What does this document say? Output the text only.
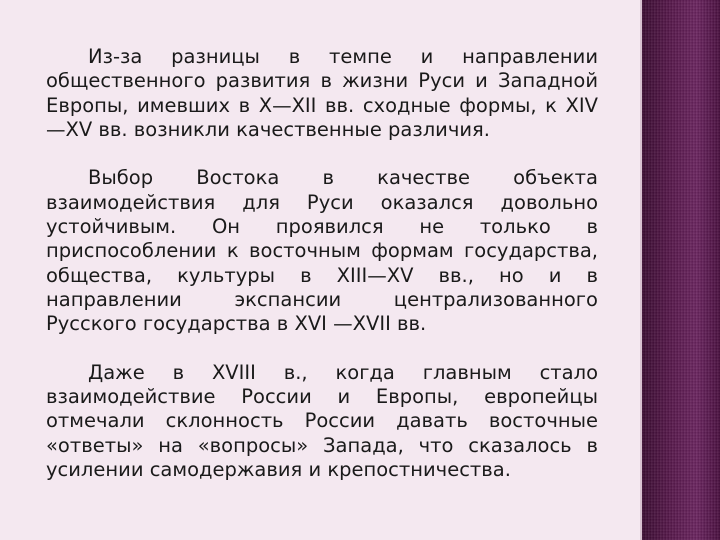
Из-за разницы в темпе и направлении общественного развития в жизни Руси и Западной Европы, имевших в X—XII вв. сходные формы, к XIV—XV вв. возникли качественные различия.

Выбор Востока в качестве объекта взаимодействия для Руси оказался довольно устойчивым. Он проявился не только в приспособлении к восточным формам государства, общества, культуры в XIII—XV вв., но и в направлении экспансии централизованного Русского государства в XVI —XVII вв.

Даже в XVIII в., когда главным стало взаимодействие России и Европы, европейцы отмечали склонность России давать восточные «ответы» на «вопросы» Запада, что сказалось в усилении самодержавия и крепостничества.
